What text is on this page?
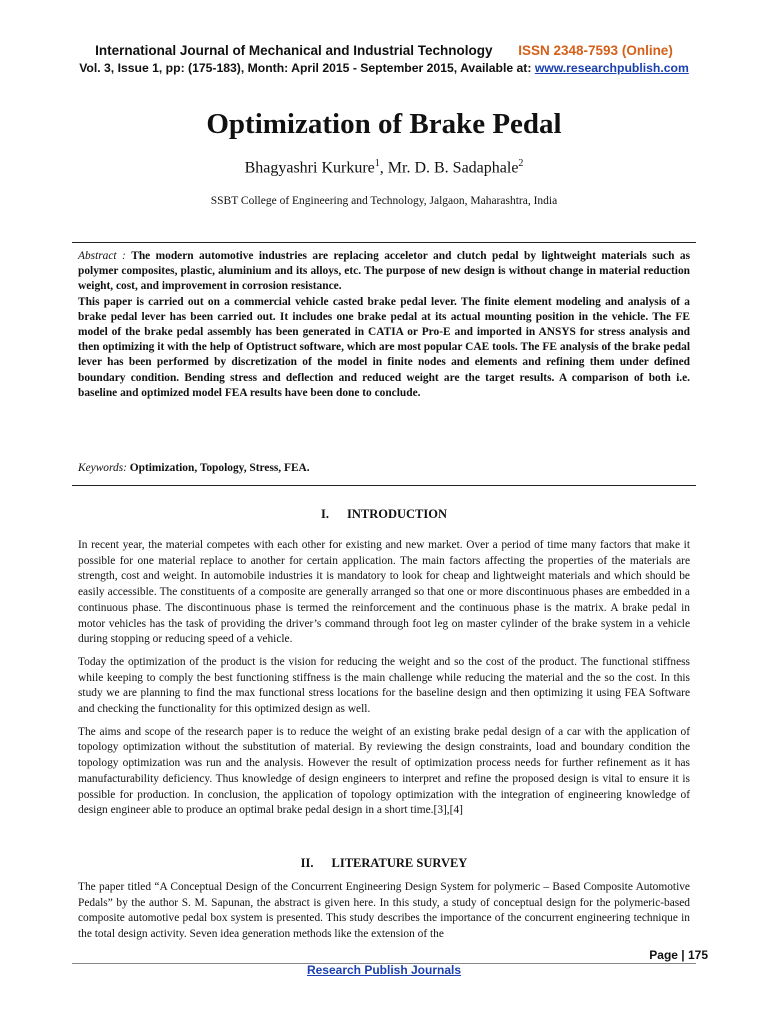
International Journal of Mechanical and Industrial Technology ISSN 2348-7593 (Online)
Vol. 3, Issue 1, pp: (175-183), Month: April 2015 - September 2015, Available at: www.researchpublish.com
Optimization of Brake Pedal
Bhagyashri Kurkure$^1$, Mr. D. B. Sadaphale$^2$
SSBT College of Engineering and Technology, Jalgaon, Maharashtra, India

Abstract : The modern automotive industries are replacing acceletor and clutch pedal by lightweight materials such as polymer composites, plastic, aluminium and its alloys, etc. The purpose of new design is without change in material reduction weight, cost, and improvement in corrosion resistance.

This paper is carried out on a commercial vehicle casted brake pedal lever. The finite element modeling and analysis of a brake pedal lever has been carried out. It includes one brake pedal at its actual mounting position in the vehicle. The FE model of the brake pedal assembly has been generated in CATIA or Pro-E and imported in ANSYS for stress analysis and then optimizing it with the help of Optistruct software, which are most popular CAE tools. The FE analysis of the brake pedal lever has been performed by discretization of the model in finite nodes and elements and refining them under defined boundary condition. Bending stress and deflection and reduced weight are the target results. A comparison of both i.e. baseline and optimized model FEA results have been done to conclude.

Keywords: Optimization, Topology, Stress, FEA.
I. INTRODUCTION

In recent year, the material competes with each other for existing and new market. Over a period of time many factors that make it possible for one material replace to another for certain application. The main factors affecting the properties of the materials are strength, cost and weight. In automobile industries it is mandatory to look for cheap and lightweight materials and which should be easily accessible. The constituents of a composite are generally arranged so that one or more discontinuous phases are embedded in a continuous phase. The discontinuous phase is termed the reinforcement and the continuous phase is the matrix. A brake pedal in motor vehicles has the task of providing the driver’s command through foot leg on master cylinder of the brake system in a vehicle during stopping or reducing speed of a vehicle.

Today the optimization of the product is the vision for reducing the weight and so the cost of the product. The functional stiffness while keeping to comply the best functioning stiffness is the main challenge while reducing the material and the so the cost. In this study we are planning to find the max functional stress locations for the baseline design and then optimizing it using FEA Software and checking the functionality for this optimized design as well.

The aims and scope of the research paper is to reduce the weight of an existing brake pedal design of a car with the application of topology optimization without the substitution of material. By reviewing the design constraints, load and boundary condition the topology optimization was run and the analysis. However the result of optimization process needs for further refinement as it has manufacturability deficiency. Thus knowledge of design engineers to interpret and refine the proposed design is vital to ensure it is possible for production. In conclusion, the application of topology optimization with the integration of engineering knowledge of design engineer able to produce an optimal brake pedal design in a short time.[3],[4]

II. LITERATURE SURVEY

The paper titled “A Conceptual Design of the Concurrent Engineering Design System for polymeric – Based Composite Automotive Pedals” by the author S. M. Sapunan, the abstract is given here. In this study, a study of conceptual design for the polymeric-based composite automotive pedal box system is presented. This study describes the importance of the concurrent engineering technique in the total design activity. Seven idea generation methods like the extension of the

Page | 175
Research Publish Journals
